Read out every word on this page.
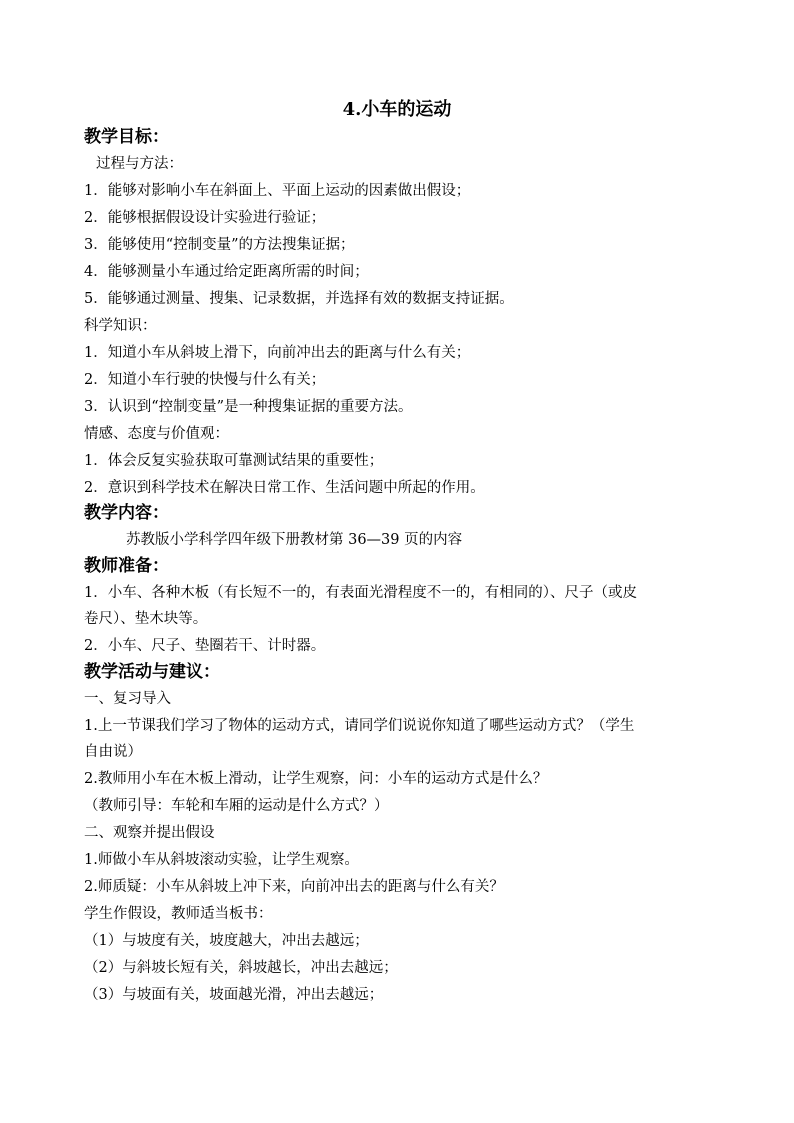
4.小车的运动
教学目标：
过程与方法：
1．能够对影响小车在斜面上、平面上运动的因素做出假设；
2．能够根据假设设计实验进行验证；
3．能够使用“控制变量”的方法搜集证据；
4．能够测量小车通过给定距离所需的时间；
5．能够通过测量、搜集、记录数据，并选择有效的数据支持证据。
科学知识：
1．知道小车从斜坡上滑下，向前冲出去的距离与什么有关；
2．知道小车行驶的快慢与什么有关；
3．认识到“控制变量”是一种搜集证据的重要方法。
情感、态度与价值观：
1．体会反复实验获取可靠测试结果的重要性；
2．意识到科学技术在解决日常工作、生活问题中所起的作用。
教学内容：
苏教版小学科学四年级下册教材第 36—39 页的内容
教师准备：
1．小车、各种木板（有长短不一的，有表面光滑程度不一的，有相同的）、尺子（或皮
卷尺）、垫木块等。
2．小车、尺子、垫圈若干、计时器。
教学活动与建议：
一、复习导入
1.上一节课我们学习了物体的运动方式，请同学们说说你知道了哪些运动方式？（学生
自由说）
2.教师用小车在木板上滑动，让学生观察，问：小车的运动方式是什么？
（教师引导：车轮和车厢的运动是什么方式？）
二、观察并提出假设
1.师做小车从斜坡滚动实验，让学生观察。
2.师质疑：小车从斜坡上冲下来，向前冲出去的距离与什么有关？
学生作假设，教师适当板书：
（1）与坡度有关，坡度越大，冲出去越远；
（2）与斜坡长短有关，斜坡越长，冲出去越远；
（3）与坡面有关，坡面越光滑，冲出去越远；
